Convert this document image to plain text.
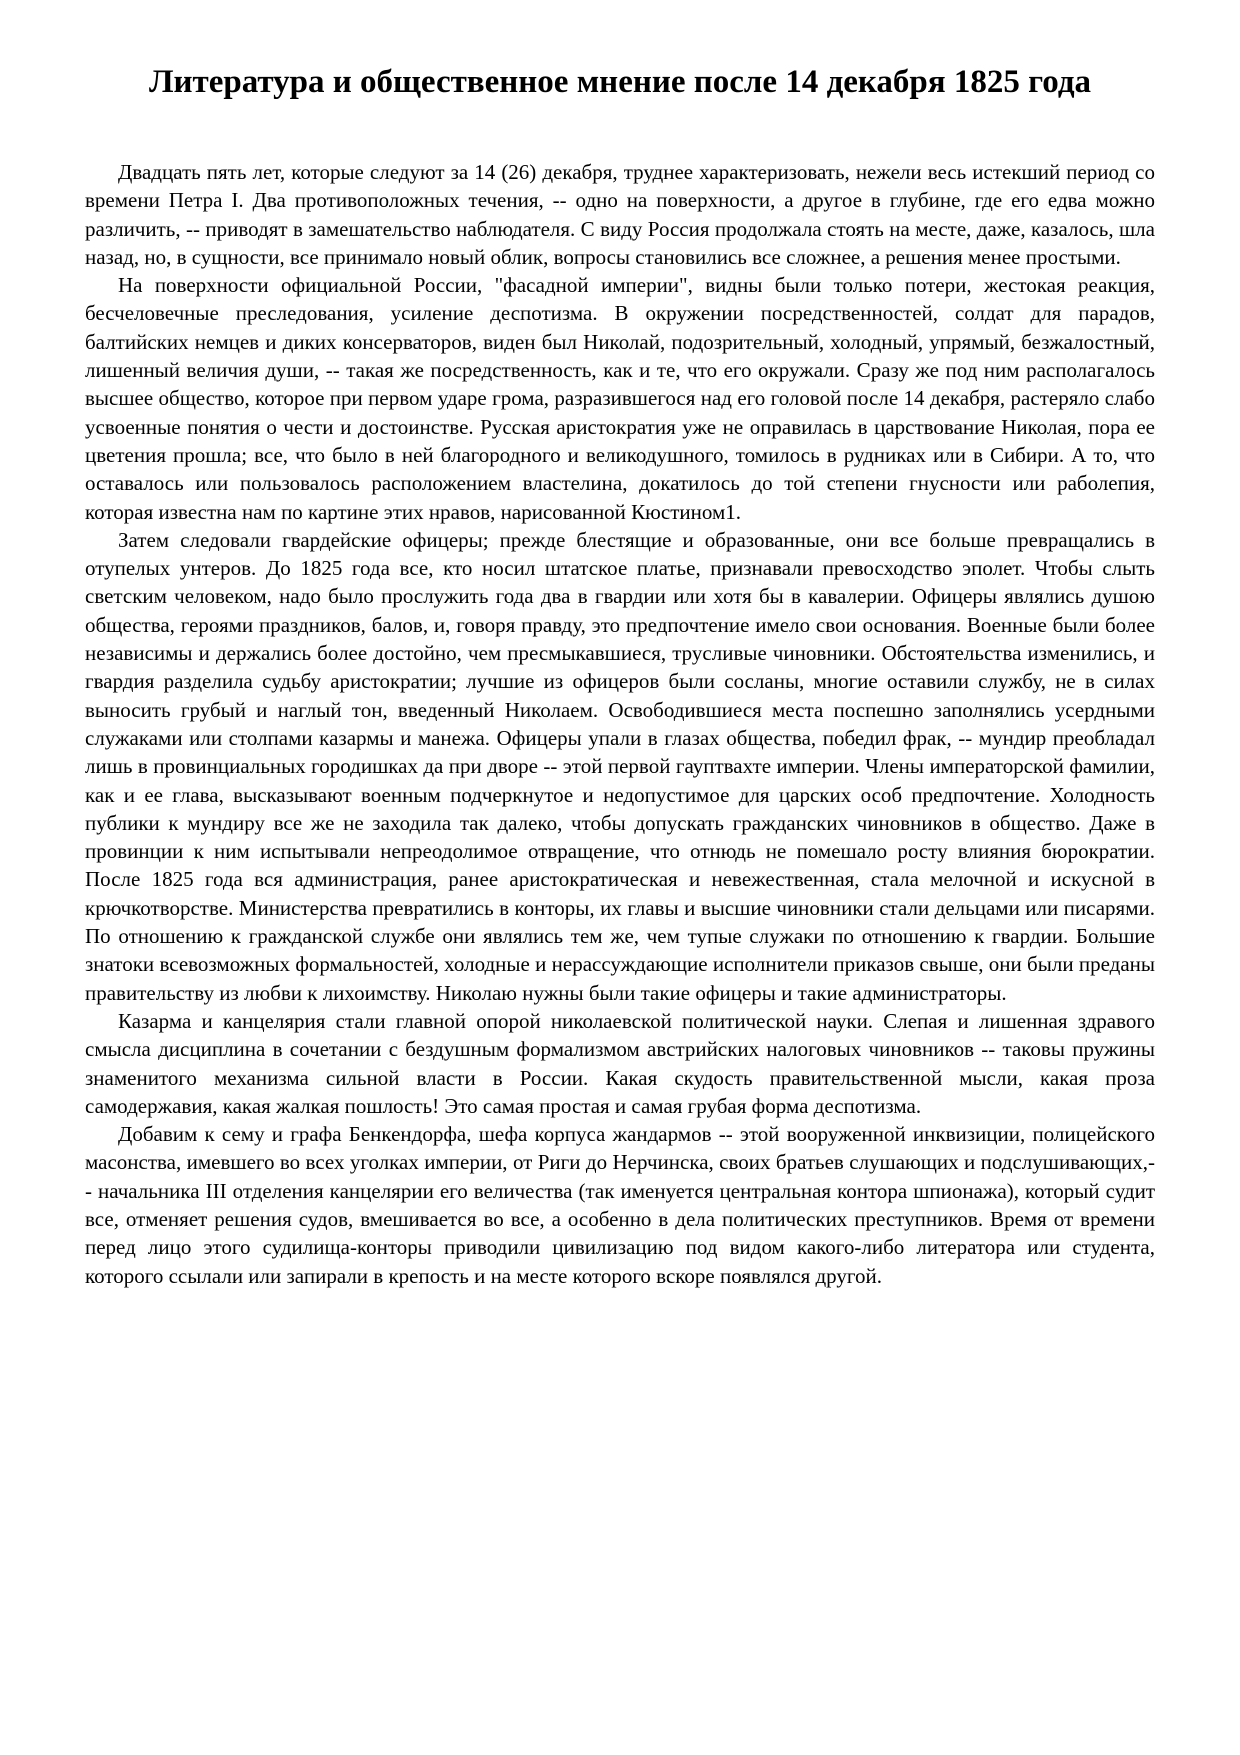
Литература и общественное мнение после 14 декабря 1825 года

Двадцать пять лет, которые следуют за 14 (26) декабря, труднее характеризовать, нежели весь истекший период со времени Петра I. Два противоположных течения, -- одно на поверхности, а другое в глубине, где его едва можно различить, -- приводят в замешательство наблюдателя. С виду Россия продолжала стоять на месте, даже, казалось, шла назад, но, в сущности, все принимало новый облик, вопросы становились все сложнее, а решения менее простыми.

На поверхности официальной России, "фасадной империи", видны были только потери, жестокая реакция, бесчеловечные преследования, усиление деспотизма. В окружении посредственностей, солдат для парадов, балтийских немцев и диких консерваторов, виден был Николай, подозрительный, холодный, упрямый, безжалостный, лишенный величия души, -- такая же посредственность, как и те, что его окружали. Сразу же под ним располагалось высшее общество, которое при первом ударе грома, разразившегося над его головой после 14 декабря, растеряло слабо усвоенные понятия о чести и достоинстве. Русская аристократия уже не оправилась в царствование Николая, пора ее цветения прошла; все, что было в ней благородного и великодушного, томилось в рудниках или в Сибири. А то, что оставалось или пользовалось расположением властелина, докатилось до той степени гнусности или раболепия, которая известна нам по картине этих нравов, нарисованной Кюстином1.

Затем следовали гвардейские офицеры; прежде блестящие и образованные, они все больше превращались в отупелых унтеров. До 1825 года все, кто носил штатское платье, признавали превосходство эполет. Чтобы слыть светским человеком, надо было прослужить года два в гвардии или хотя бы в кавалерии. Офицеры являлись душою общества, героями праздников, балов, и, говоря правду, это предпочтение имело свои основания. Военные были более независимы и держались более достойно, чем пресмыкавшиеся, трусливые чиновники. Обстоятельства изменились, и гвардия разделила судьбу аристократии; лучшие из офицеров были сосланы, многие оставили службу, не в силах выносить грубый и наглый тон, введенный Николаем. Освободившиеся места поспешно заполнялись усердными служаками или столпами казармы и манежа. Офицеры упали в глазах общества, победил фрак, -- мундир преобладал лишь в провинциальных городишках да при дворе -- этой первой гауптвахте империи. Члены императорской фамилии, как и ее глава, высказывают военным подчеркнутое и недопустимое для царских особ предпочтение. Холодность публики к мундиру все же не заходила так далеко, чтобы допускать гражданских чиновников в общество. Даже в провинции к ним испытывали непреодолимое отвращение, что отнюдь не помешало росту влияния бюрократии. После 1825 года вся администрация, ранее аристократическая и невежественная, стала мелочной и искусной в крючкотворстве. Министерства превратились в конторы, их главы и высшие чиновники стали дельцами или писарями. По отношению к гражданской службе они являлись тем же, чем тупые служаки по отношению к гвардии. Большие знатоки всевозможных формальностей, холодные и нерассуждающие исполнители приказов свыше, они были преданы правительству из любви к лихоимству. Николаю нужны были такие офицеры и такие администраторы.

Казарма и канцелярия стали главной опорой николаевской политической науки. Слепая и лишенная здравого смысла дисциплина в сочетании с бездушным формализмом австрийских налоговых чиновников -- таковы пружины знаменитого механизма сильной власти в России. Какая скудость правительственной мысли, какая проза самодержавия, какая жалкая пошлость! Это самая простая и самая грубая форма деспотизма.

Добавим к сему и графа Бенкендорфа, шефа корпуса жандармов -- этой вооруженной инквизиции, полицейского масонства, имевшего во всех уголках империи, от Риги до Нерчинска, своих братьев слушающих и подслушивающих,-- начальника III отделения канцелярии его величества (так именуется центральная контора шпионажа), который судит все, отменяет решения судов, вмешивается во все, а особенно в дела политических преступников. Время от времени перед лицо этого судилища-конторы приводили цивилизацию под видом какого-либо литератора или студента, которого ссылали или запирали в крепость и на месте которого вскоре появлялся другой.
